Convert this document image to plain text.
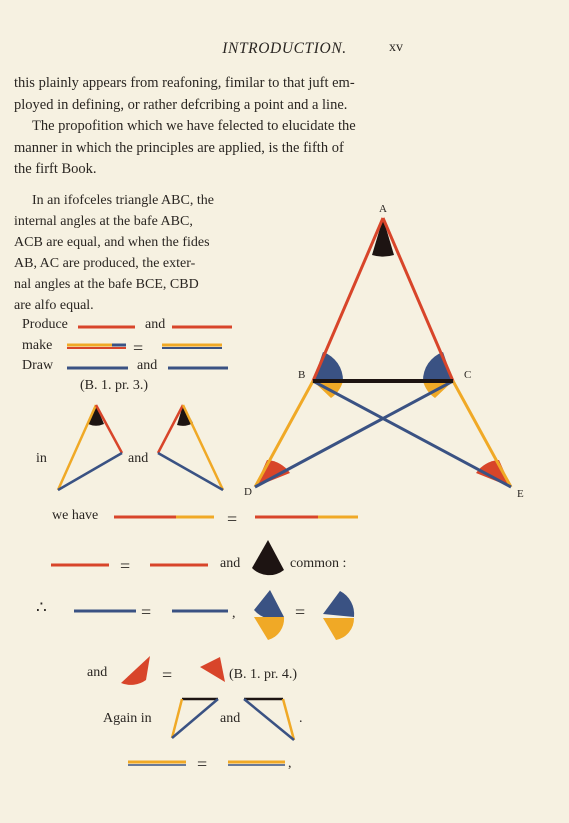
INTRODUCTION.	xv
this plainly appears from reafoning, fimilar to that juft em-
ployed in defining, or rather defcribing a point and a line.
The propofition which we have felected to elucidate the
manner in which the principles are applied, is the fifth of
the firft Book.
In an ifofceles triangle ABC, the
internal angles at the bafe ABC,
ACB are equal, and when the fides
AB, AC are produced, the exter-
nal angles at the bafe BCE, CBD
are alfo equal.
Produce	and
make
Draw	and
(B. 1. pr. 3.)
in	and
we have
and	common :
∴	,
and	(B. 1. pr. 4.)
Again in	and	.
,
A
B	C
D	E
=
=
=
=	=
=
=
